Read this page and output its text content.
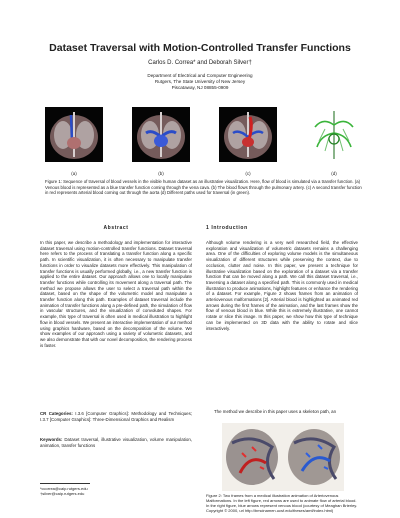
Dataset Traversal with Motion-Controlled Transfer Functions
Carlos D. Correa* and Deborah Silver†
Department of Electrical and Computer Engineering
Rutgers, The State University of New Jersey
Piscataway, NJ 08855-0909
(a)	(b)	(c)	(d)
Figure 1: Sequence of traversal of blood vessels in the visible human dataset as an illustrative visualization. Here, flow of blood is simulated via a transfer function. (a) Venous blood is represented as a blue transfer function coming through the vena cava. (b) The blood flows through the pulmonary artery. (c) A second transfer function in red represents arterial blood coming out through the aorta (d) Different paths used for traversal (in green).
Abstract
In this paper, we describe a methodology and implementation for interactive dataset traversal using motion-controlled transfer functions. Dataset traversal here refers to the process of translating a transfer function along a specific path. In scientific visualization, it is often necessary to manipulate transfer functions in order to visualize datasets more effectively. This manipulation of transfer functions is usually performed globally, i.e., a new transfer function is applied to the entire dataset. Our approach allows one to locally manipulate transfer functions while controlling its movement along a traversal path. The method we propose allows the user to select a traversal path within the dataset, based on the shape of the volumetric model and manipulate a transfer function along this path. Examples of dataset traversal include the animation of transfer functions along a pre-defined path, the simulation of flow in vascular structures, and the visualization of convoluted shapes. For example, this type of traversal is often used in medical illustration to highlight flow in blood vessels. We present an interactive implementation of our method using graphics hardware, based on the decomposition of the volume. We show examples of our approach using a variety of volumetric datasets, and we also demonstrate that with our novel decomposition, the rendering process is faster.
CR Categories: I.3.6 [Computer Graphics]: Methodology and Techniques; I.3.7 [Computer Graphics]: Three-Dimensional Graphics and Realism
Keywords: Dataset traversal, illustrative visualization, volume manipulation, animation, transfer functions
*ccorrea@caip.rutgers.edu
†silver@caip.rutgers.edu
1 Introduction
Although volume rendering is a very well researched field, the effective exploration and visualization of volumetric datasets remains a challenging area. One of the difficulties of exploring volume models is the simultaneous visualization of different structures while preserving the context, due to occlusion, clutter and noise. In this paper, we present a technique for illustrative visualization based on the exploration of a dataset via a transfer function that can be moved along a path. We call this dataset traversal, i.e., traversing a dataset along a specified path. This is commonly used in medical illustration to produce animations, highlight features or enhance the rendering of a dataset. For example, Figure 2 shows frames from an animation of arteriovenous malformations [2]. Arterial blood is highlighted as animated red arrows during the first frames of the animation, and the last frames show the flow of venous blood in blue. While this is extremely illustrative, one cannot rotate or slice this image. In this paper, we show how this type of technique can be implemented on 3D data with the ability to rotate and slice interactively.
The method we describe in this paper uses a skeleton path, an
Figure 2: Two frames from a medical illustration animation of Arteriovenous Malformations. In the left figure, red arrows are used to animate flow of arterial blood. In the right figure, blue arrows represent venous blood (courtesy of Meaghan Brierley. Copyright © 2000, url http://bmcinamen.ucsf.edu/theses/amf/index.html)
